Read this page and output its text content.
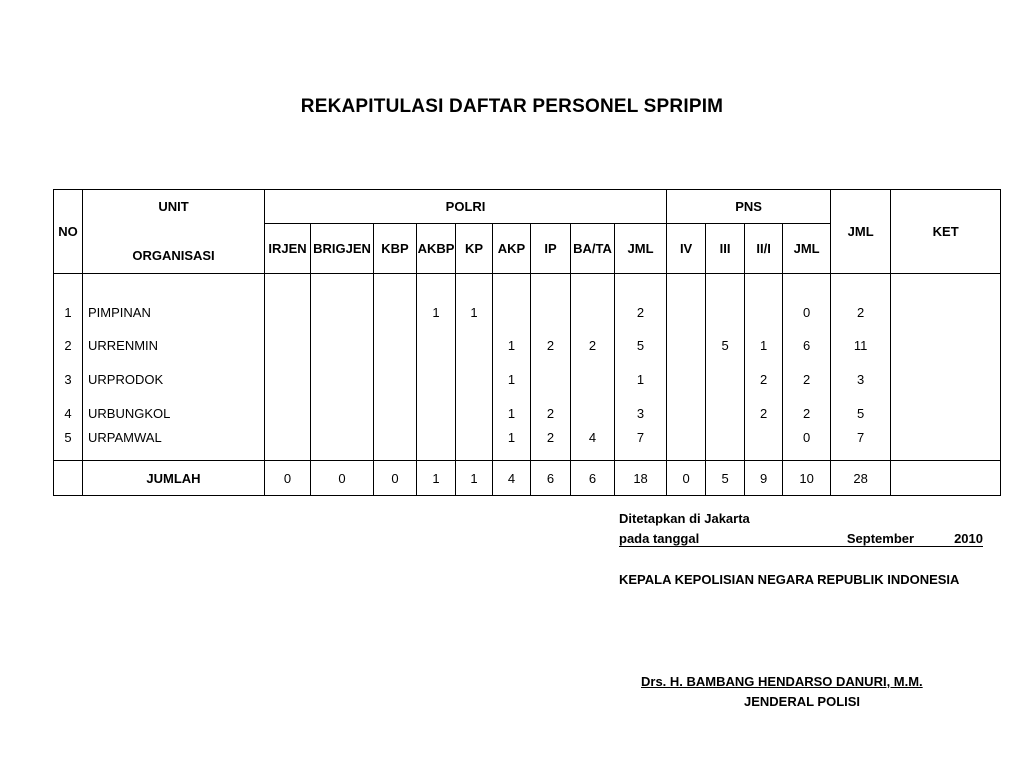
REKAPITULASI DAFTAR PERSONEL SPRIPIM
NO	UNIT
ORGANISASI	POLRI									PNS				JML	KET
		IRJEN	BRIGJEN	KBP	AKBP	KP	AKP	IP	BA/TA	JML	IV	III	II/I	JML		
1	PIMPINAN				1	1				2				0	2	
2	URRENMIN						1	2	2	5		5	1	6	11	
3	URPRODOK						1			1			2	2	3	
4	URBUNGKOL						1	2		3			2	2	5	
5	URPAMWAL						1	2	4	7				0	7	
	JUMLAH	0	0	0	1	1	4	6	6	18	0	5	9	10	28	
Ditetapkan di Jakarta
pada tanggal	September	2010
KEPALA KEPOLISIAN NEGARA REPUBLIK INDONESIA
Drs. H. BAMBANG HENDARSO DANURI, M.M.
JENDERAL POLISI
